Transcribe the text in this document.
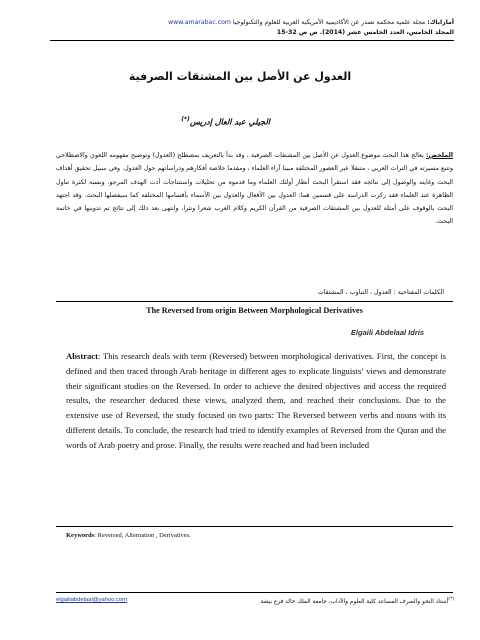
أماراباك: مجلة علمية محكمة تصدر عن الأكاديمية الأمريكية العربية للعلوم والتكنولوجيا www.amarabac.com
المجلد الخامس، العدد الخامس عشر (2014). ص ص 15-32
العدول عن الأصل بين المشتقات الصرفية
الجيلي عبد العال إدريس(*)
الملخص: يعالج هذا البحث موضوع العدول عن الأصل بين المشتقات الصرفية ، وقد بدأ بالتعريف بمصطلح (العدول) وتوضيح مفهومه اللغوي والاصطلاحي وتتبع مسيرته في التراث العربي ، متنقلا عبر العصور المختلفة مبينا آراء العلماء ، ومقدما خلاصة أفكارهم ودراساتهم حول العدول. وفي سبيل تحقيق أهداف البحث وغايته والوصول إلى نتائجه فقد استقرأ البحث أنظار أولئك العلماء وما قدموه من تحليلات واستنتاجات أدت الهدف المرجو. ونسبة لكثرة تناول الظاهرة عند العلماء فقد ركزت الدراسة على قسمين هما: العدول بين الأفعال والعدول بين الأسماء بأقسامها المختلفة كما سيفصلها البحث. وقد اجتهد البحث بالوقوف على أمثلة للعدول بين المشتقات الصرفية من القرآن الكريم وكلام العرب شعرا ونثرا، وانتهى بعد ذلك إلى نتائج تم تدوينها في خاتمة البحث.
الكلمات المفتاحية : العدول ، التناوب ، المشتقات
The Reversed from origin Between Morphological Derivatives
Elgaili Abdelaal Idris
Abstract: This research deals with term (Reversed) between morphological derivatives. First, the concept is defined and then traced through Arab heritage in different ages to explicate linguists’ views and demonstrate their significant studies on the Reversed. In order to achieve the desired objectives and access the required results, the researcher deduced these views, analyzed them, and reached their conclusions. Due to the extensive use of Reversed, the study focused on two parts: The Reversed between verbs and nouns with its different details. To conclude, the research had tried to identify examples of Reversed from the Quran and the words of Arab poetry and prose. Finally, the results were reached and had been included
Keywords: Reversed, Alternation , Derivatives.
elgailiabdelaal@yahoo.com	(*)أستاذ النحو والصرف المساعد كلية العلوم والآداب، جامعة الملك خالد فرع بيشة
